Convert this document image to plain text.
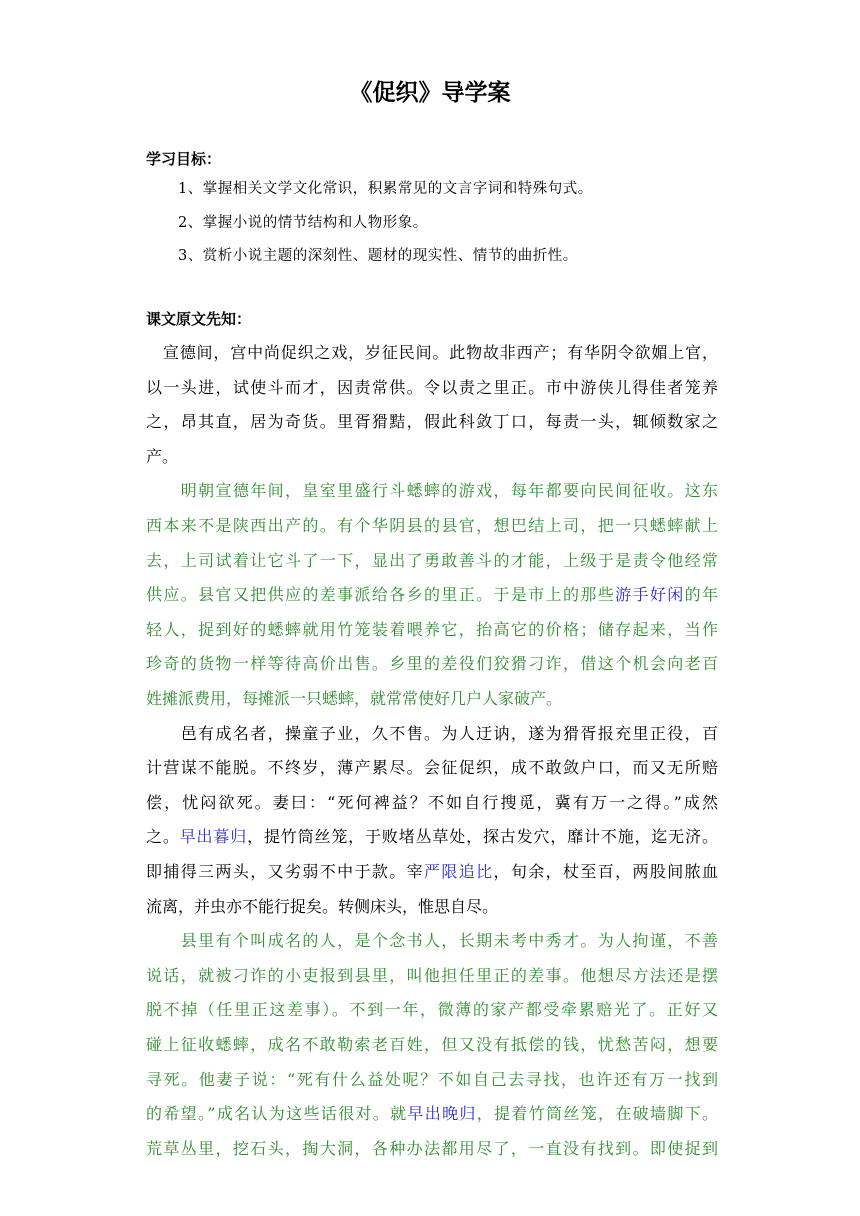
《促织》导学案
学习目标：
1、掌握相关文学文化常识，积累常见的文言字词和特殊句式。
2、掌握小说的情节结构和人物形象。
3、赏析小说主题的深刻性、题材的现实性、情节的曲折性。
课文原文先知：
　宣德间，宫中尚促织之戏，岁征民间。此物故非西产；有华阴令欲媚上官，
以一头进，试使斗而才，因责常供。令以责之里正。市中游侠儿得佳者笼养
之，昂其直，居为奇货。里胥猾黠，假此科敛丁口，每责一头，辄倾数家之
产。
　　明朝宣德年间，皇室里盛行斗蟋蟀的游戏，每年都要向民间征收。这东
西本来不是陕西出产的。有个华阴县的县官，想巴结上司，把一只蟋蟀献上
去，上司试着让它斗了一下，显出了勇敢善斗的才能，上级于是责令他经常
供应。县官又把供应的差事派给各乡的里正。于是市上的那些游手好闲的年
轻人，捉到好的蟋蟀就用竹笼装着喂养它，抬高它的价格；储存起来，当作
珍奇的货物一样等待高价出售。乡里的差役们狡猾刁诈，借这个机会向老百
姓摊派费用，每摊派一只蟋蟀，就常常使好几户人家破产。
　　邑有成名者，操童子业，久不售。为人迂讷，遂为猾胥报充里正役，百
计营谋不能脱。不终岁，薄产累尽。会征促织，成不敢敛户口，而又无所赔
偿，忧闷欲死。妻曰：“死何裨益？不如自行搜觅，冀有万一之得。”成然
之。早出暮归，提竹筒丝笼，于败堵丛草处，探古发穴，靡计不施，迄无济。
即捕得三两头，又劣弱不中于款。宰严限追比，旬余，杖至百，两股间脓血
流离，并虫亦不能行捉矣。转侧床头，惟思自尽。
　　县里有个叫成名的人，是个念书人，长期未考中秀才。为人拘谨，不善
说话，就被刁诈的小吏报到县里，叫他担任里正的差事。他想尽方法还是摆
脱不掉（任里正这差事）。不到一年，微薄的家产都受牵累赔光了。正好又
碰上征收蟋蟀，成名不敢勒索老百姓，但又没有抵偿的钱，忧愁苦闷，想要
寻死。他妻子说：“死有什么益处呢？不如自己去寻找，也许还有万一找到
的希望。”成名认为这些话很对。就早出晚归，提着竹筒丝笼，在破墙脚下。
荒草丛里，挖石头，掏大洞，各种办法都用尽了，一直没有找到。即使捉到
